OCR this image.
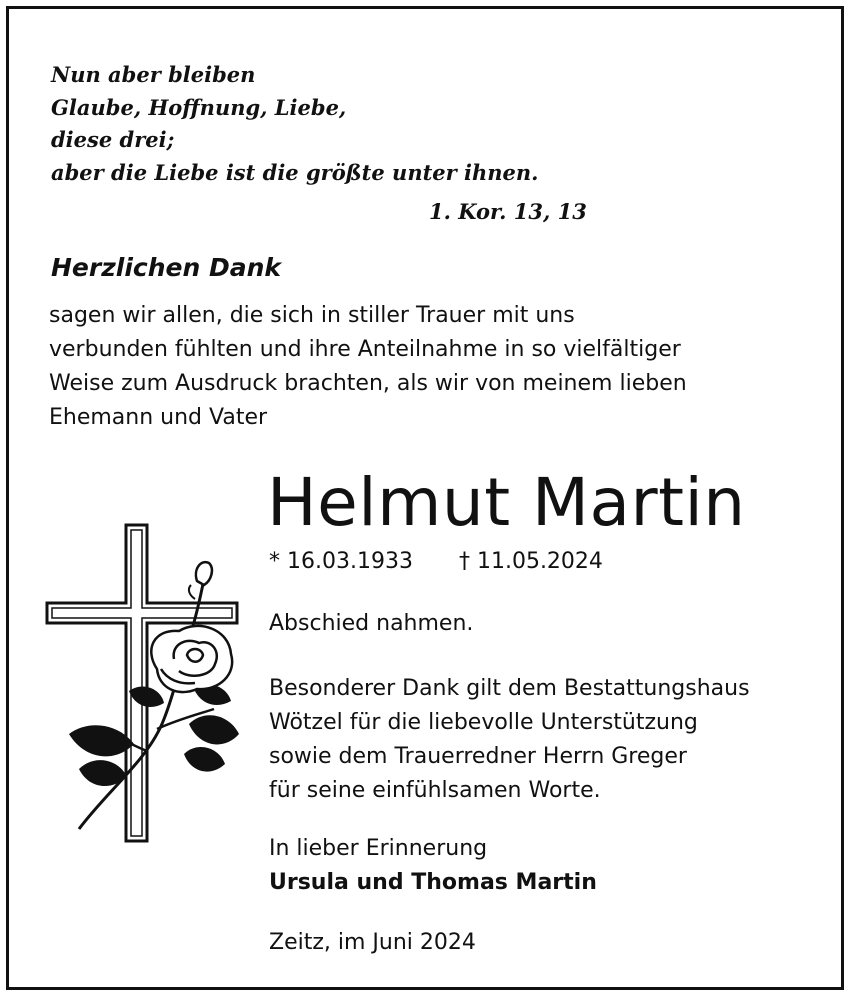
Nun aber bleiben
Glaube, Hoffnung, Liebe,
diese drei;
aber die Liebe ist die größte unter ihnen.
1. Kor. 13, 13
Herzlichen Dank
sagen wir allen, die sich in stiller Trauer mit uns
verbunden fühlten und ihre Anteilnahme in so vielfältiger
Weise zum Ausdruck brachten, als wir von meinem lieben
Ehemann und Vater
Helmut Martin
* 16.03.1933 † 11.05.2024
Abschied nahmen.
Besonderer Dank gilt dem Bestattungshaus
Wötzel für die liebevolle Unterstützung
sowie dem Trauerredner Herrn Greger
für seine einfühlsamen Worte.
In lieber Erinnerung
Ursula und Thomas Martin
Zeitz, im Juni 2024
